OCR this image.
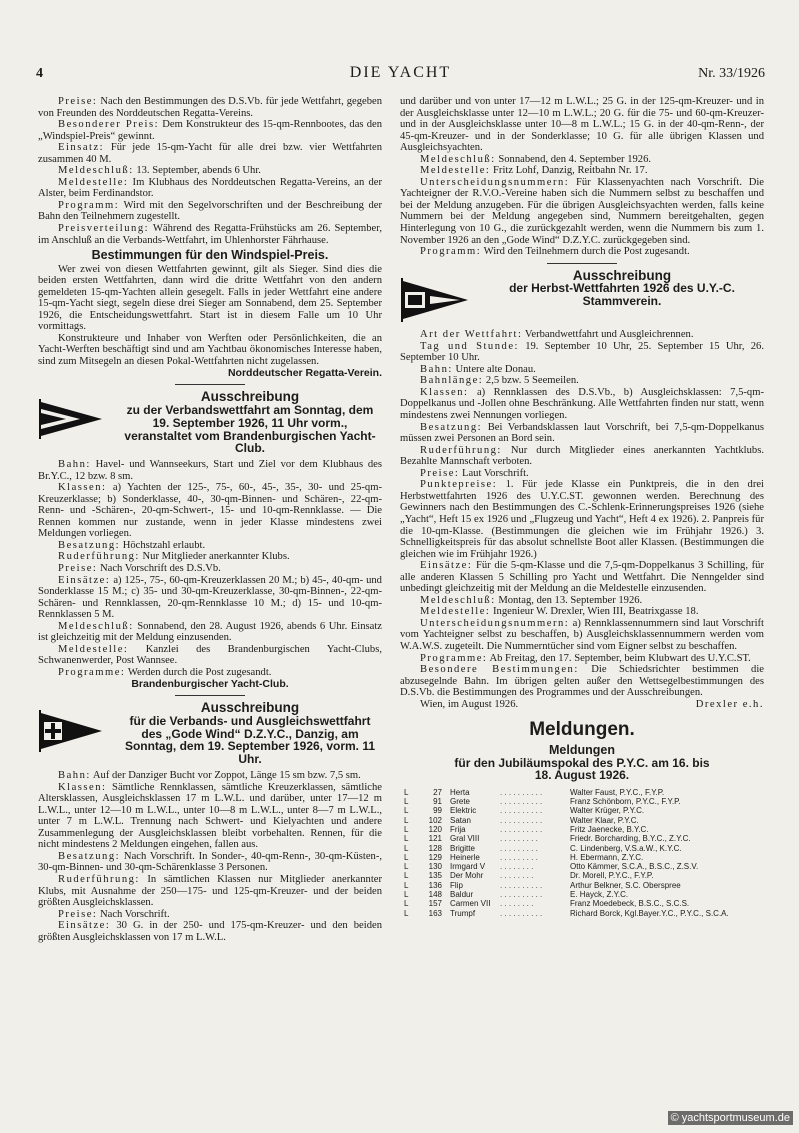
4	DIE YACHT	Nr. 33/1926

Preise: Nach den Bestimmungen des D.S.Vb. für jede Wettfahrt, gegeben von Freunden des Norddeutschen Regatta-Vereins.

Besonderer Preis: Dem Konstrukteur des 15-qm-Rennbootes, das den „Windspiel-Preis“ gewinnt.

Einsatz: Für jede 15-qm-Yacht für alle drei bzw. vier Wettfahrten zusammen 40 M.

Meldeschluß: 13. September, abends 6 Uhr.

Meldestelle: Im Klubhaus des Norddeutschen Regatta-Vereins, an der Alster, beim Ferdinandstor.

Programm: Wird mit den Segelvorschriften und der Beschreibung der Bahn den Teilnehmern zugestellt.

Preisverteilung: Während des Regatta-Frühstücks am 26. September, im Anschluß an die Verbands-Wettfahrt, im Uhlenhorster Fährhause.

Bestimmungen für den Windspiel-Preis.

Wer zwei von diesen Wettfahrten gewinnt, gilt als Sieger. Sind dies die beiden ersten Wettfahrten, dann wird die dritte Wettfahrt von den andern gemeldeten 15-qm-Yachten allein gesegelt. Falls in jeder Wettfahrt eine andere 15-qm-Yacht siegt, segeln diese drei Sieger am Sonnabend, dem 25. September 1926, die Entscheidungswettfahrt. Start ist in diesem Falle um 10 Uhr vormittags.

Konstrukteure und Inhaber von Werften oder Persönlichkeiten, die an Yacht-Werften beschäftigt sind und am Yachtbau ökonomisches Interesse haben, sind zum Mitsegeln an diesen Pokal-Wettfahrten nicht zugelassen.

Norddeutscher Regatta-Verein.
Ausschreibung
zu der Verbandswettfahrt am Sonntag, dem 19. September 1926, 11 Uhr vorm., veranstaltet vom Brandenburgischen Yacht-Club.

Bahn: Havel- und Wannseekurs, Start und Ziel vor dem Klubhaus des Br.Y.C., 12 bzw. 8 sm.

Klassen: a) Yachten der 125-, 75-, 60-, 45-, 35-, 30- und 25-qm-Kreuzerklasse; b) Sonderklasse, 40-, 30-qm-Binnen- und Schären-, 22-qm-Renn- und -Schären-, 20-qm-Schwert-, 15- und 10-qm-Rennklasse. — Die Rennen kommen nur zustande, wenn in jeder Klasse mindestens zwei Meldungen vorliegen.

Besatzung: Höchstzahl erlaubt.

Ruderführung: Nur Mitglieder anerkannter Klubs.

Preise: Nach Vorschrift des D.S.Vb.

Einsätze: a) 125-, 75-, 60-qm-Kreuzerklassen 20 M.; b) 45-, 40-qm- und Sonderklasse 15 M.; c) 35- und 30-qm-Kreuzerklasse, 30-qm-Binnen-, 22-qm-Schären- und Rennklassen, 20-qm-Rennklasse 10 M.; d) 15- und 10-qm-Rennklassen 5 M.

Meldeschluß: Sonnabend, den 28. August 1926, abends 6 Uhr. Einsatz ist gleichzeitig mit der Meldung einzusenden.

Meldestelle: Kanzlei des Brandenburgischen Yacht-Clubs, Schwanenwerder, Post Wannsee.

Programme: Werden durch die Post zugesandt.

Brandenburgischer Yacht-Club.
Ausschreibung
für die Verbands- und Ausgleichswettfahrt des „Gode Wind“ D.Z.Y.C., Danzig, am Sonntag, dem 19. September 1926, vorm. 11 Uhr.

Bahn: Auf der Danziger Bucht vor Zoppot, Länge 15 sm bzw. 7,5 sm.

Klassen: Sämtliche Rennklassen, sämtliche Kreuzerklassen, sämtliche Altersklassen, Ausgleichsklassen 17 m L.W.L. und darüber, unter 17—12 m L.W.L., unter 12—10 m L.W.L., unter 10—8 m L.W.L., unter 8—7 m L.W.L., unter 7 m L.W.L. Trennung nach Schwert- und Kielyachten und andere Zusammenlegung der Ausgleichsklassen bleibt vorbehalten. Rennen, für die nicht mindestens 2 Meldungen eingehen, fallen aus.

Besatzung: Nach Vorschrift. In Sonder-, 40-qm-Renn-, 30-qm-Küsten-, 30-qm-Binnen- und 30-qm-Schärenklasse 3 Personen.

Ruderführung: In sämtlichen Klassen nur Mitglieder anerkannter Klubs, mit Ausnahme der 250—175- und 125-qm-Kreuzer- und der beiden größten Ausgleichsklassen.

Preise: Nach Vorschrift.

Einsätze: 30 G. in der 250- und 175-qm-Kreuzer- und den beiden größten Ausgleichsklassen von 17 m L.W.L.

und darüber und von unter 17—12 m L.W.L.; 25 G. in der 125-qm-Kreuzer- und in der Ausgleichsklasse unter 12—10 m L.W.L.; 20 G. für die 75- und 60-qm-Kreuzer- und in der Ausgleichsklasse unter 10—8 m L.W.L.; 15 G. in der 40-qm-Renn-, der 45-qm-Kreuzer- und in der Sonderklasse; 10 G. für alle übrigen Klassen und Ausgleichsyachten.

Meldeschluß: Sonnabend, den 4. September 1926.

Meldestelle: Fritz Lohf, Danzig, Reitbahn Nr. 17.

Unterscheidungsnummern: Für Klassenyachten nach Vorschrift. Die Yachteigner der R.V.O.-Vereine haben sich die Nummern selbst zu beschaffen und bei der Meldung anzugeben. Für die übrigen Ausgleichsyachten werden, falls keine Nummern bei der Meldung angegeben sind, Nummern bereitgehalten, gegen Hinterlegung von 10 G., die zurückgezahlt werden, wenn die Nummern bis zum 1. November 1926 an den „Gode Wind“ D.Z.Y.C. zurückgegeben sind.

Programm: Wird den Teilnehmern durch die Post zugesandt.

Ausschreibung
der Herbst-Wettfahrten 1926 des U.Y.-C. Stammverein.

Art der Wettfahrt: Verbandwettfahrt und Ausgleichrennen.

Tag und Stunde: 19. September 10 Uhr, 25. September 15 Uhr, 26. September 10 Uhr.

Bahn: Untere alte Donau.

Bahnlänge: 2,5 bzw. 5 Seemeilen.

Klassen: a) Rennklassen des D.S.Vb., b) Ausgleichsklassen: 7,5-qm-Doppelkanus und -Jollen ohne Beschränkung. Alle Wettfahrten finden nur statt, wenn mindestens zwei Nennungen vorliegen.

Besatzung: Bei Verbandsklassen laut Vorschrift, bei 7,5-qm-Doppelkanus müssen zwei Personen an Bord sein.

Ruderführung: Nur durch Mitglieder eines anerkannten Yachtklubs. Bezahlte Mannschaft verboten.

Preise: Laut Vorschrift.

Punktepreise: 1. Für jede Klasse ein Punktpreis, die in den drei Herbstwettfahrten 1926 des U.Y.C.ST. gewonnen werden. Berechnung des Gewinners nach den Bestimmungen des C.-Schlenk-Erinnerungspreises 1926 (siehe „Yacht“, Heft 15 ex 1926 und „Flugzeug und Yacht“, Heft 4 ex 1926). 2. Panpreis für die 10-qm-Klasse. (Bestimmungen die gleichen wie im Frühjahr 1926.) 3. Schnelligkeitspreis für das absolut schnellste Boot aller Klassen. (Bestimmungen die gleichen wie im Frühjahr 1926.)

Einsätze: Für die 5-qm-Klasse und die 7,5-qm-Doppelkanus 3 Schilling, für alle anderen Klassen 5 Schilling pro Yacht und Wettfahrt. Die Nenngelder sind unbedingt gleichzeitig mit der Meldung an die Meldestelle einzusenden.

Meldeschluß: Montag, den 13. September 1926.

Meldestelle: Ingenieur W. Drexler, Wien III, Beatrixgasse 18.

Unterscheidungsnummern: a) Rennklassennummern sind laut Vorschrift vom Yachteigner selbst zu beschaffen, b) Ausgleichsklassennummern werden vom W.A.W.S. zugeteilt. Die Nummerntücher sind vom Eigner selbst zu beschaffen.

Programme: Ab Freitag, den 17. September, beim Klubwart des U.Y.C.ST.

Besondere Bestimmungen: Die Schiedsrichter bestimmen die abzusegelnde Bahn. Im übrigen gelten außer den Wettsegelbestimmungen des D.S.Vb. die Bestimmungen des Programmes und der Ausschreibungen.

Wien, im August 1926.	Drexler e.h.
Meldungen.
Meldungen
für den Jubiläumspokal des P.Y.C. am 16. bis
18. August 1926.
L	27	Herta	. . . . . . . . . .	Walter Faust, P.Y.C., F.Y.P.
L	91	Grete	. . . . . . . . . .	Franz Schönborn, P.Y.C., F.Y.P.
L	99	Elektric	. . . . . . . . . .	Walter Krüger, P.Y.C.
L	102	Satan	. . . . . . . . . .	Walter Klaar, P.Y.C.
L	120	Frija	. . . . . . . . . .	Fritz Jaenecke, B.Y.C.
L	121	Gral VIII	. . . . . . . . .	Friedr. Borcharding, B.Y.C., Z.Y.C.
L	128	Brigitte	. . . . . . . . .	C. Lindenberg, V.S.a.W., K.Y.C.
L	129	Heinerle	. . . . . . . . .	H. Ebermann, Z.Y.C.
L	130	Irmgard V	. . . . . . . .	Otto Kämmer, S.C.A., B.S.C., Z.S.V.
L	135	Der Mohr	. . . . . . . .	Dr. Morell, P.Y.C., F.Y.P.
L	136	Flip	. . . . . . . . . .	Arthur Belkner, S.C. Oberspree
L	148	Baldur	. . . . . . . . . .	E. Hayck, Z.Y.C.
L	157	Carmen VII	. . . . . . . .	Franz Moedebeck, B.S.C., S.C.S.
L	163	Trumpf	. . . . . . . . . .	Richard Borck, Kgl.Bayer.Y.C., P.Y.C., S.C.A.
© yachtsportmuseum.de
